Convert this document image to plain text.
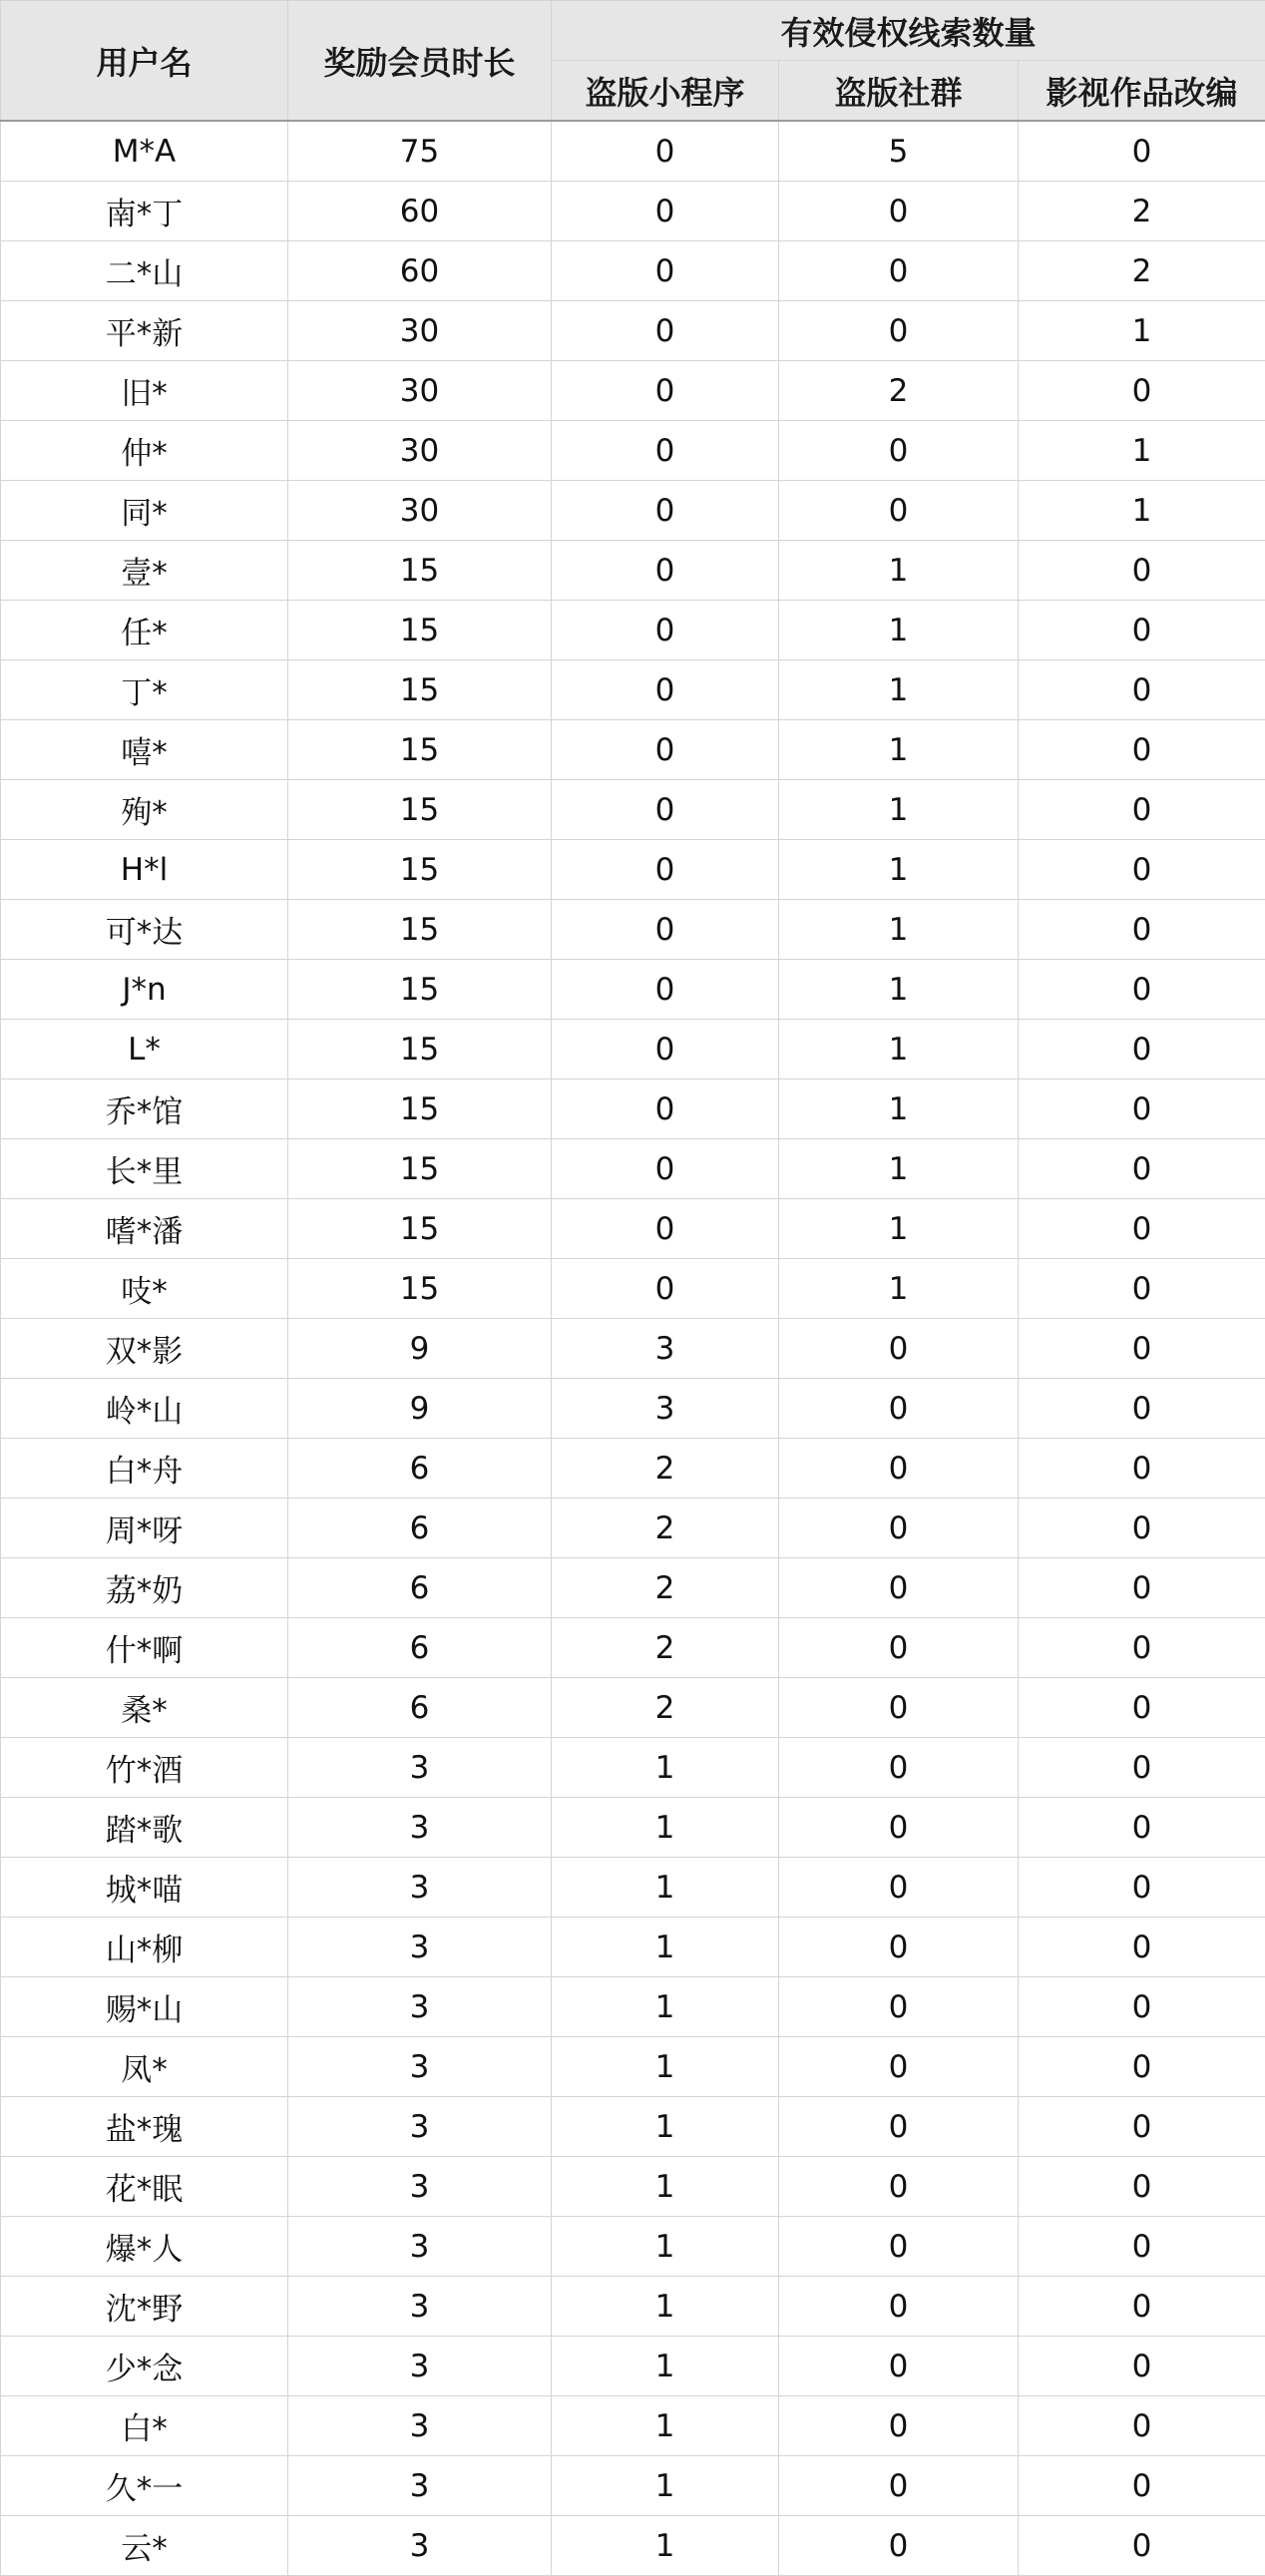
用户名	奖励会员时长	有效侵权线索数量		
		盗版小程序	盗版社群	影视作品改编
M*A	75	0	5	0
南*丁	60	0	0	2
二*山	60	0	0	2
平*新	30	0	0	1
旧*	30	0	2	0
仲*	30	0	0	1
同*	30	0	0	1
壹*	15	0	1	0
任*	15	0	1	0
丁*	15	0	1	0
嘻*	15	0	1	0
殉*	15	0	1	0
H*l	15	0	1	0
可*达	15	0	1	0
J*n	15	0	1	0
L*	15	0	1	0
乔*馆	15	0	1	0
长*里	15	0	1	0
嗜*潘	15	0	1	0
吱*	15	0	1	0
双*影	9	3	0	0
岭*山	9	3	0	0
白*舟	6	2	0	0
周*呀	6	2	0	0
荔*奶	6	2	0	0
什*啊	6	2	0	0
桑*	6	2	0	0
竹*酒	3	1	0	0
踏*歌	3	1	0	0
城*喵	3	1	0	0
山*柳	3	1	0	0
赐*山	3	1	0	0
凤*	3	1	0	0
盐*瑰	3	1	0	0
花*眠	3	1	0	0
爆*人	3	1	0	0
沈*野	3	1	0	0
少*念	3	1	0	0
白*	3	1	0	0
久*一	3	1	0	0
云*	3	1	0	0
